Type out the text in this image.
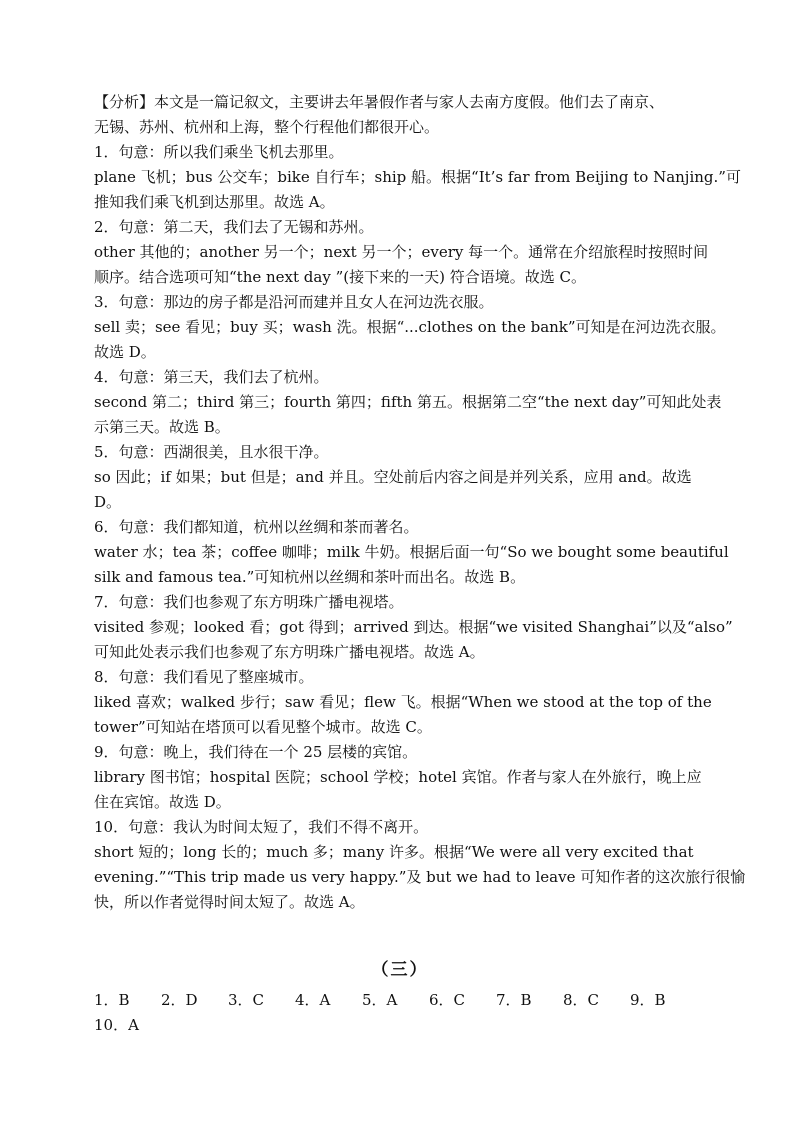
【分析】本文是一篇记叙文，主要讲去年暑假作者与家人去南方度假。他们去了南京、
无锡、苏州、杭州和上海，整个行程他们都很开心。
1．句意：所以我们乘坐飞机去那里。
plane 飞机；bus 公交车；bike 自行车；ship 船。根据“It’s far from Beijing to Nanjing.”可
推知我们乘飞机到达那里。故选 A。
2．句意：第二天，我们去了无锡和苏州。
other 其他的；another 另一个；next 另一个；every 每一个。通常在介绍旅程时按照时间
顺序。结合选项可知“the next day ”(接下来的一天) 符合语境。故选 C。
3．句意：那边的房子都是沿河而建并且女人在河边洗衣服。
sell 卖；see 看见；buy 买；wash 洗。根据“...clothes on the bank”可知是在河边洗衣服。
故选 D。
4．句意：第三天，我们去了杭州。
second 第二；third 第三；fourth 第四；fifth 第五。根据第二空“the next day”可知此处表
示第三天。故选 B。
5．句意：西湖很美，且水很干净。
so 因此；if 如果；but 但是；and 并且。空处前后内容之间是并列关系，应用 and。故选
D。
6．句意：我们都知道，杭州以丝绸和茶而著名。
water 水；tea 茶；coffee 咖啡；milk 牛奶。根据后面一句“So we bought some beautiful
silk and famous tea.”可知杭州以丝绸和茶叶而出名。故选 B。
7．句意：我们也参观了东方明珠广播电视塔。
visited 参观；looked 看；got 得到；arrived 到达。根据“we visited Shanghai”以及“also”
可知此处表示我们也参观了东方明珠广播电视塔。故选 A。
8．句意：我们看见了整座城市。
liked 喜欢；walked 步行；saw 看见；flew 飞。根据“When we stood at the top of the
tower”可知站在塔顶可以看见整个城市。故选 C。
9．句意：晚上，我们待在一个 25 层楼的宾馆。
library 图书馆；hospital 医院；school 学校；hotel 宾馆。作者与家人在外旅行，晚上应
住在宾馆。故选 D。
10．句意：我认为时间太短了，我们不得不离开。
short 短的；long 长的；much 多；many 许多。根据“We were all very excited that
evening.”“This trip made us very happy.”及 but we had to leave 可知作者的这次旅行很愉
快，所以作者觉得时间太短了。故选 A。
（三）
1．B	2．D	3．C	4．A	5．A	6．C	7．B	8．C	9．B
10．A
